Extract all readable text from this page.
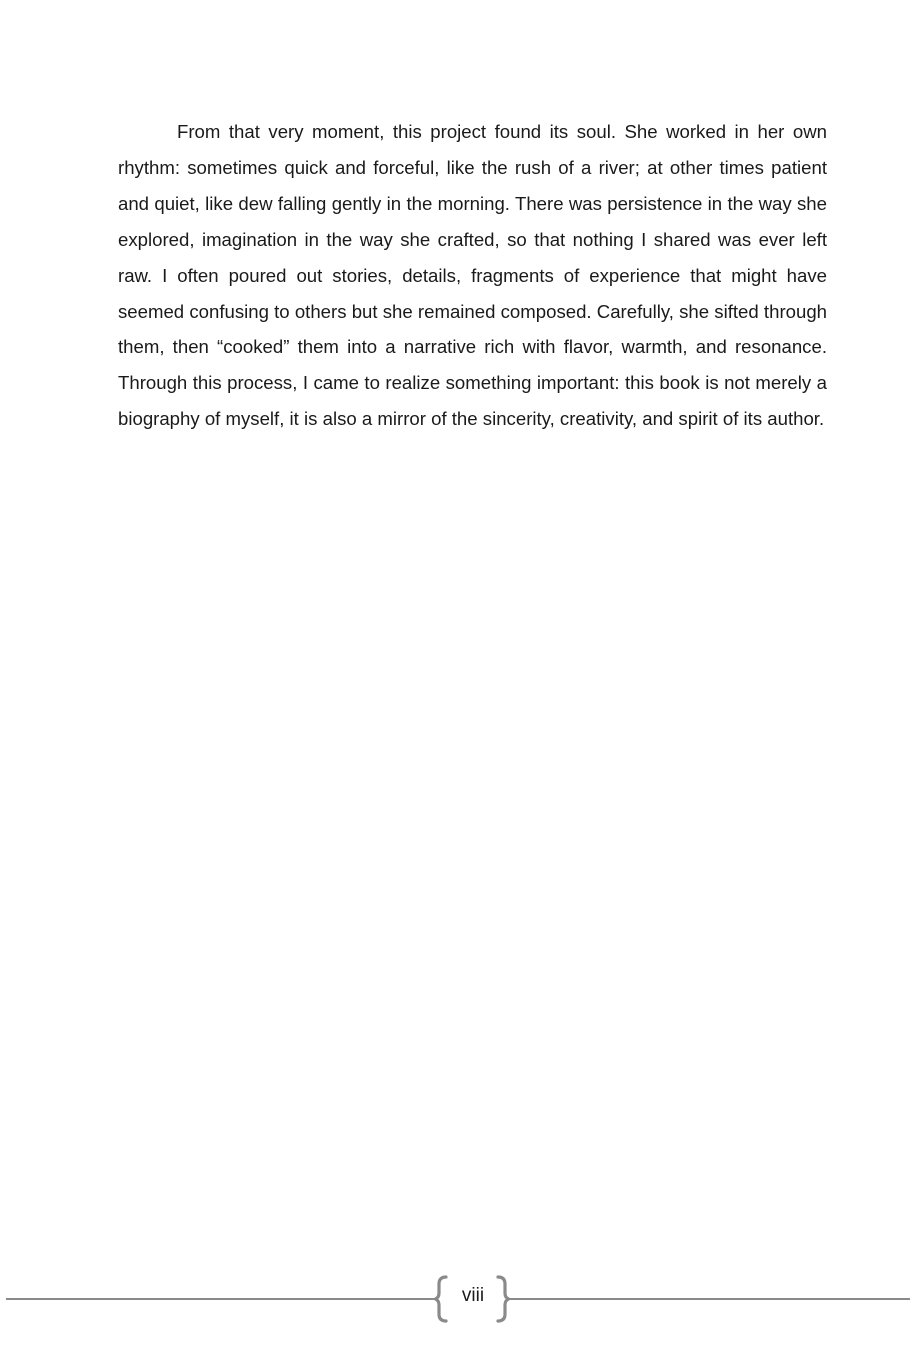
From that very moment, this project found its soul. She worked in her own rhythm: sometimes quick and forceful, like the rush of a river; at other times patient and quiet, like dew falling gently in the morning. There was persistence in the way she explored, imagination in the way she crafted, so that nothing I shared was ever left raw. I often poured out stories, details, fragments of experience that might have seemed confusing to others but she remained composed. Carefully, she sifted through them, then “cooked” them into a narrative rich with flavor, warmth, and resonance. Through this process, I came to realize something important: this book is not merely a biography of myself, it is also a mirror of the sincerity, creativity, and spirit of its author.

viii
